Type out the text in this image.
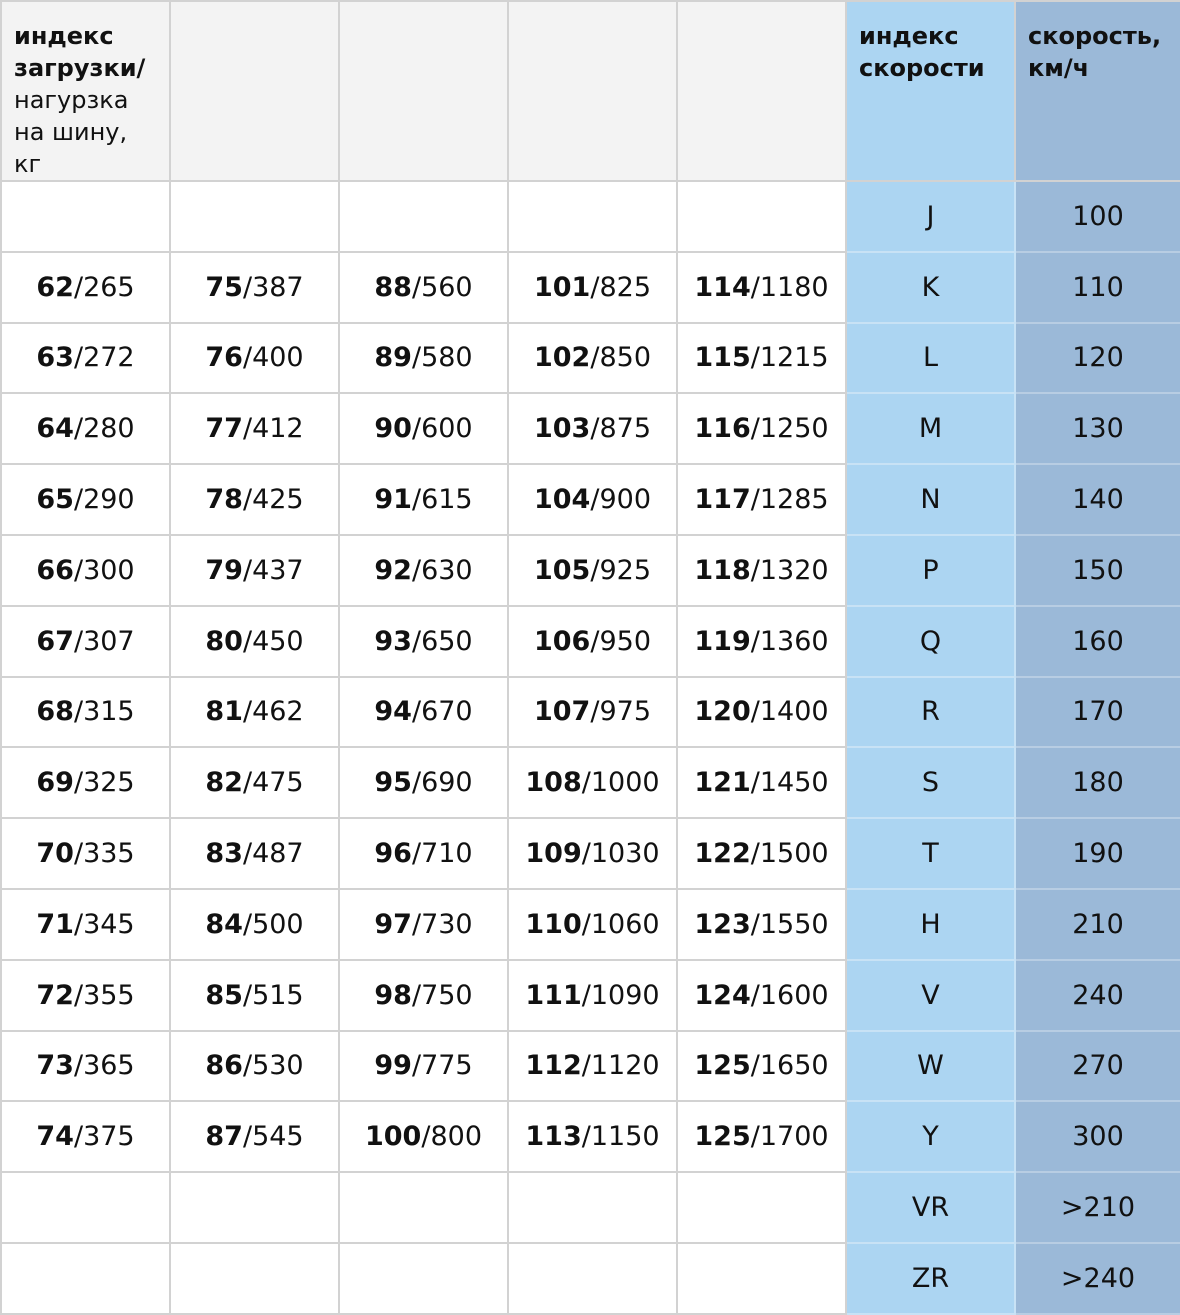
индекс загрузки/
нагурзка на шину, кг					индекс скорости	скорость, км/ч

					J	100
62/265	75/387	88/560	101/825	114/1180	K	110
63/272	76/400	89/580	102/850	115/1215	L	120
64/280	77/412	90/600	103/875	116/1250	M	130
65/290	78/425	91/615	104/900	117/1285	N	140
66/300	79/437	92/630	105/925	118/1320	P	150
67/307	80/450	93/650	106/950	119/1360	Q	160
68/315	81/462	94/670	107/975	120/1400	R	170
69/325	82/475	95/690	108/1000	121/1450	S	180
70/335	83/487	96/710	109/1030	122/1500	T	190
71/345	84/500	97/730	110/1060	123/1550	H	210
72/355	85/515	98/750	111/1090	124/1600	V	240
73/365	86/530	99/775	112/1120	125/1650	W	270
74/375	87/545	100/800	113/1150	125/1700	Y	300
					VR	>210
					ZR	>240
